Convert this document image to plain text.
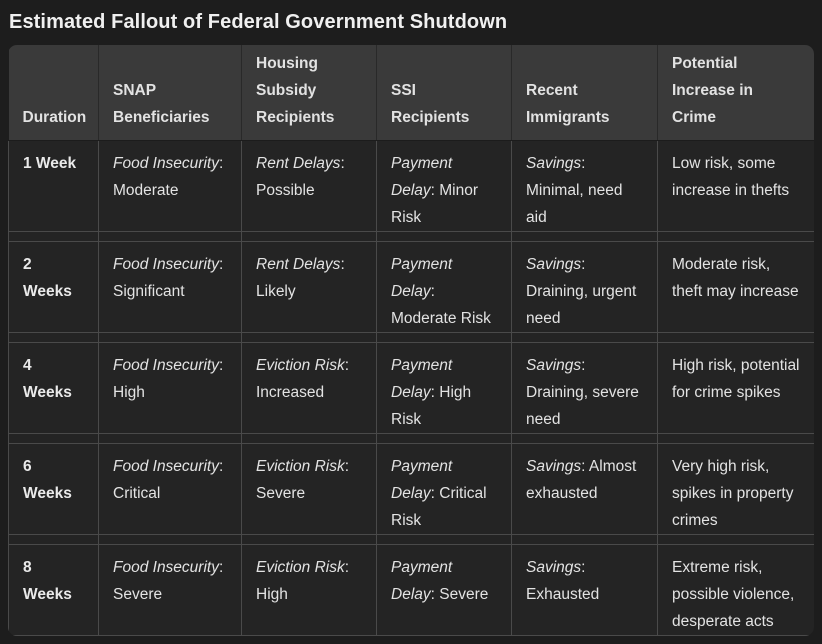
Estimated Fallout of Federal Government Shutdown
Duration	SNAP Beneficiaries	Housing Subsidy Recipients	SSI Recipients	Recent Immigrants	Potential Increase in Crime
1 Week	Food Insecurity: Moderate	Rent Delays: Possible	Payment Delay: Minor Risk	Savings: Minimal, need aid	Low risk, some increase in thefts

2 Weeks	Food Insecurity: Significant	Rent Delays: Likely	Payment Delay: Moderate Risk	Savings: Draining, urgent need	Moderate risk, theft may increase

4 Weeks	Food Insecurity: High	Eviction Risk: Increased	Payment Delay: High Risk	Savings: Draining, severe need	High risk, potential for crime spikes

6 Weeks	Food Insecurity: Critical	Eviction Risk: Severe	Payment Delay: Critical Risk	Savings: Almost exhausted	Very high risk, spikes in property crimes

8 Weeks	Food Insecurity: Severe	Eviction Risk: High	Payment Delay: Severe	Savings: Exhausted	Extreme risk, possible violence, desperate acts
